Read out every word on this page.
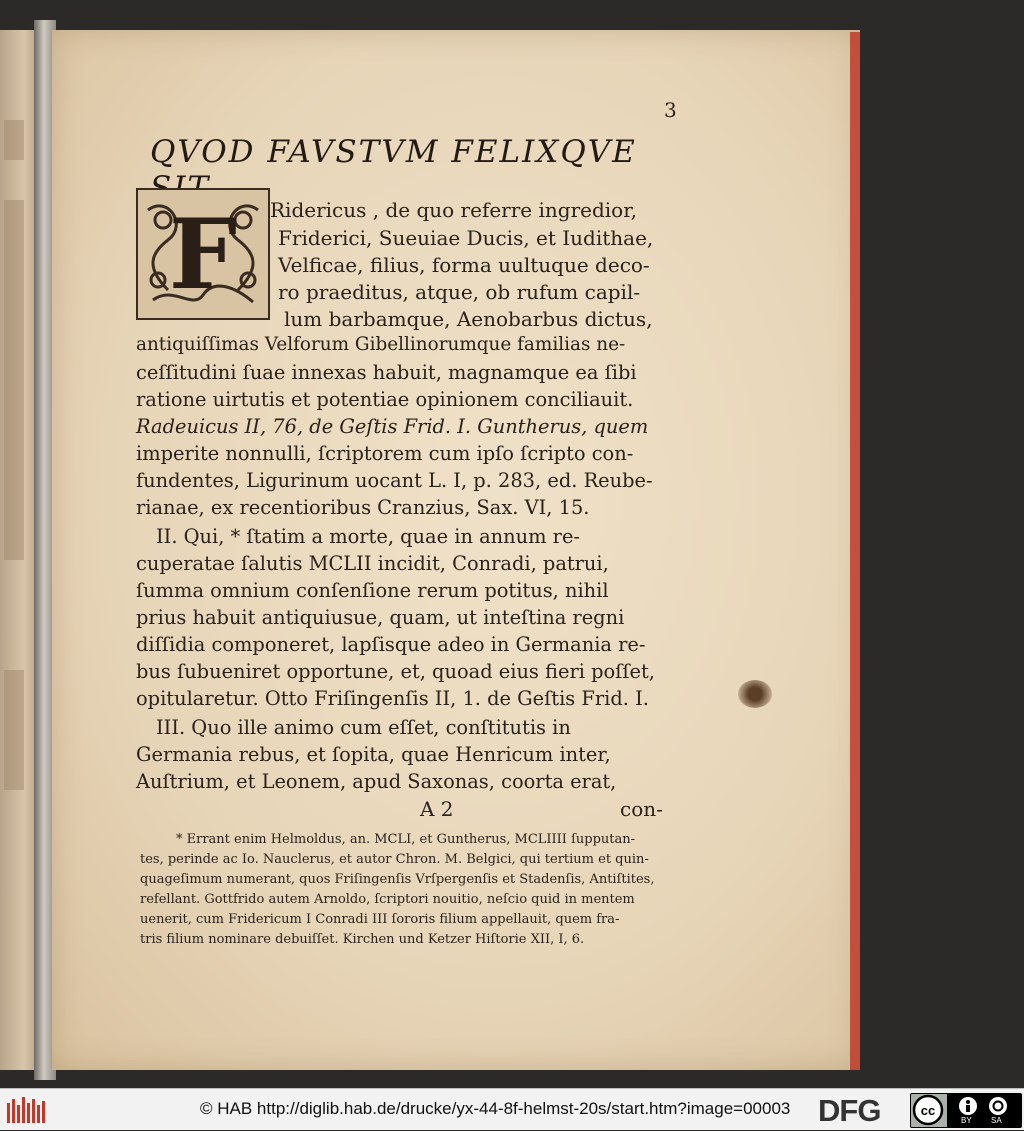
3
QVOD FAVSTVM FELIXQVE
F Ridericus , de quo referre ingredior,
Friderici, Sueuiae Ducis, et Iudithae,
Velficae, filius, forma uultuque deco-
ro praeditus, atque, ob rufum capil-
lum barbamque, Aenobarbus dictus,
antiquiſſimas Velforum Gibellinorumque familias ne-
ceſſitudini ſuae innexas habuit, magnamque ea ſibi
ratione uirtutis et potentiae opinionem conciliauit.
Radeuicus II, 76, de Geſtis Frid. I. Guntherus, quem
imperite nonnulli, ſcriptorem cum ipſo ſcripto con-
fundentes, Ligurinum uocant L. I, p. 283, ed. Reube-
rianae, ex recentioribus Cranzius, Sax. VI, 15.
II. Qui, * ſtatim a morte, quae in annum re-
cuperatae ſalutis MCLII incidit, Conradi, patrui,
ſumma omnium conſenſione rerum potitus, nihil
prius habuit antiquiusue, quam, ut inteſtina regni
diſſidia componeret, lapſisque adeo in Germania re-
bus ſubueniret opportune, et, quoad eius fieri poſſet,
opitularetur. Otto Friſingenſis II, 1. de Geſtis Frid. I.
III. Quo ille animo cum eſſet, conſtitutis in
Germania rebus, et ſopita, quae Henricum inter,
Auſtrium, et Leonem, apud Saxonas, coorta erat,
A 2	con-
* Errant enim Helmoldus, an. MCLI, et Guntherus, MCLIIII ſupputan-
tes, perinde ac Io. Nauclerus, et autor Chron. M. Belgici, qui tertium et quin-
quageſimum numerant, quos Friſingenſis Vrſpergenſis et Stadenſis, Antiſtites,
refellant. Gottfrido autem Arnoldo, ſcriptori nouitio, neſcio quid in mentem
uenerit, cum Fridericum I Conradi III ſororis filium appellauit, quem fra-
tris filium nominare debuiſſet. Kirchen und Ketzer Hiſtorie XII, I, 6.
© HAB http://diglib.hab.de/drucke/yx-44-8f-helmst-20s/start.htm?image=00003 DFG	cc
BY SA
